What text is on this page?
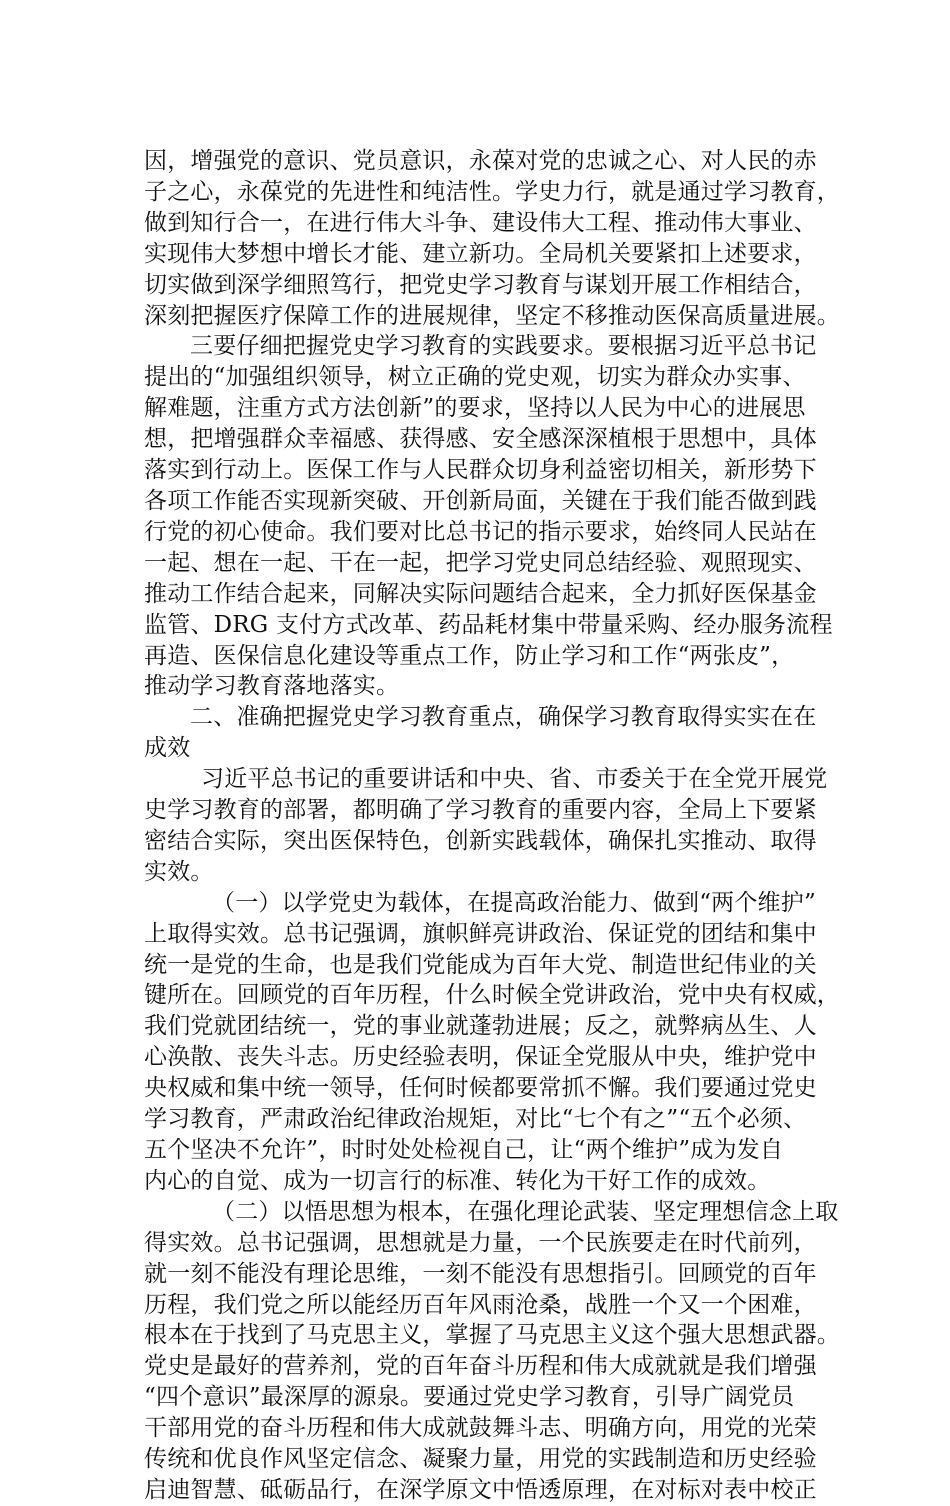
因，增强党的意识、党员意识，永葆对党的忠诚之心、对人民的赤
子之心，永葆党的先进性和纯洁性。学史力行，就是通过学习教育，
做到知行合一，在进行伟大斗争、建设伟大工程、推动伟大事业、
实现伟大梦想中增长才能、建立新功。全局机关要紧扣上述要求，
切实做到深学细照笃行，把党史学习教育与谋划开展工作相结合，
深刻把握医疗保障工作的进展规律，坚定不移推动医保高质量进展。
三要仔细把握党史学习教育的实践要求。要根据习近平总书记
提出的“加强组织领导，树立正确的党史观，切实为群众办实事、
解难题，注重方式方法创新”的要求，坚持以人民为中心的进展思
想，把增强群众幸福感、获得感、安全感深深植根于思想中，具体
落实到行动上。医保工作与人民群众切身利益密切相关，新形势下
各项工作能否实现新突破、开创新局面，关键在于我们能否做到践
行党的初心使命。我们要对比总书记的指示要求，始终同人民站在
一起、想在一起、干在一起，把学习党史同总结经验、观照现实、
推动工作结合起来，同解决实际问题结合起来，全力抓好医保基金
监管、DRG 支付方式改革、药品耗材集中带量采购、经办服务流程
再造、医保信息化建设等重点工作，防止学习和工作“两张皮”，
推动学习教育落地落实。
二、准确把握党史学习教育重点，确保学习教育取得实实在在
成效
习近平总书记的重要讲话和中央、省、市委关于在全党开展党
史学习教育的部署，都明确了学习教育的重要内容，全局上下要紧
密结合实际，突出医保特色，创新实践载体，确保扎实推动、取得
实效。
（一）以学党史为载体，在提高政治能力、做到“两个维护”
上取得实效。总书记强调，旗帜鲜亮讲政治、保证党的团结和集中
统一是党的生命，也是我们党能成为百年大党、制造世纪伟业的关
键所在。回顾党的百年历程，什么时候全党讲政治，党中央有权威，
我们党就团结统一，党的事业就蓬勃进展；反之，就弊病丛生、人
心涣散、丧失斗志。历史经验表明，保证全党服从中央，维护党中
央权威和集中统一领导，任何时候都要常抓不懈。我们要通过党史
学习教育，严肃政治纪律政治规矩，对比“七个有之”“五个必须、
五个坚决不允许”，时时处处检视自己，让“两个维护”成为发自
内心的自觉、成为一切言行的标准、转化为干好工作的成效。
（二）以悟思想为根本，在强化理论武装、坚定理想信念上取
得实效。总书记强调，思想就是力量，一个民族要走在时代前列，
就一刻不能没有理论思维，一刻不能没有思想指引。回顾党的百年
历程，我们党之所以能经历百年风雨沧桑，战胜一个又一个困难，
根本在于找到了马克思主义，掌握了马克思主义这个强大思想武器。
党史是最好的营养剂，党的百年奋斗历程和伟大成就就是我们增强
“四个意识”最深厚的源泉。要通过党史学习教育，引导广阔党员
干部用党的奋斗历程和伟大成就鼓舞斗志、明确方向，用党的光荣
传统和优良作风坚定信念、凝聚力量，用党的实践制造和历史经验
启迪智慧、砥砺品行，在深学原文中悟透原理，在对标对表中校正
